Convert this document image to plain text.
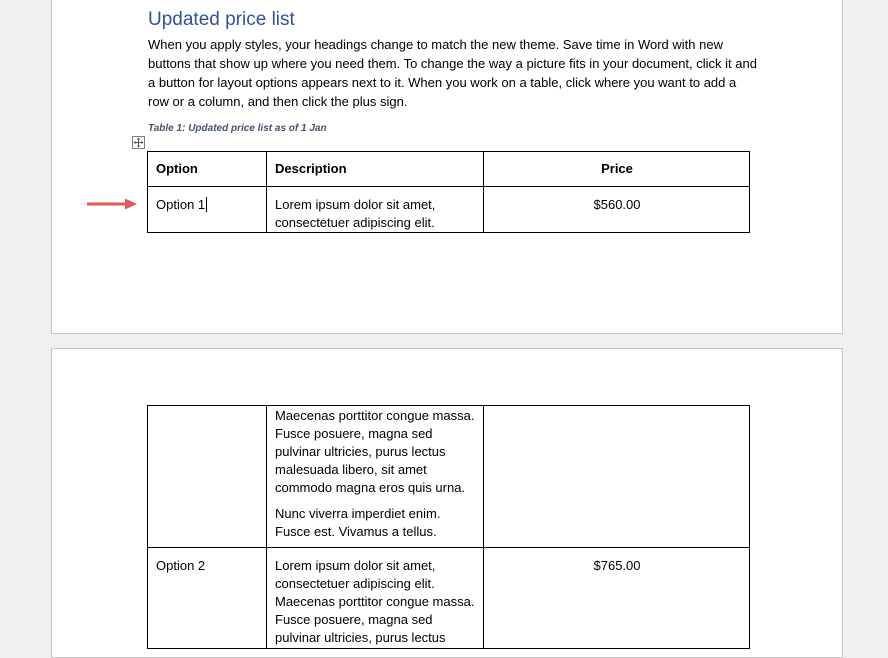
Updated price list

When you apply styles, your headings change to match the new theme. Save time in Word with new buttons that show up where you need them. To change the way a picture fits in your document, click it and a button for layout options appears next to it. When you work on a table, click where you want to add a row or a column, and then click the plus sign.

Table 1: Updated price list as of 1 Jan

Option	Description	Price

Option 1	Lorem ipsum dolor sit amet, consectetuer adipiscing elit.	$560.00

	Maecenas porttitor congue massa. Fusce posuere, magna sed pulvinar ultricies, purus lectus malesuada libero, sit amet commodo magna eros quis urna.
Nunc viverra imperdiet enim. Fusce est. Vivamus a tellus.	

Option 2	Lorem ipsum dolor sit amet, consectetuer adipiscing elit. Maecenas porttitor congue massa. Fusce posuere, magna sed pulvinar ultricies, purus lectus	$765.00
